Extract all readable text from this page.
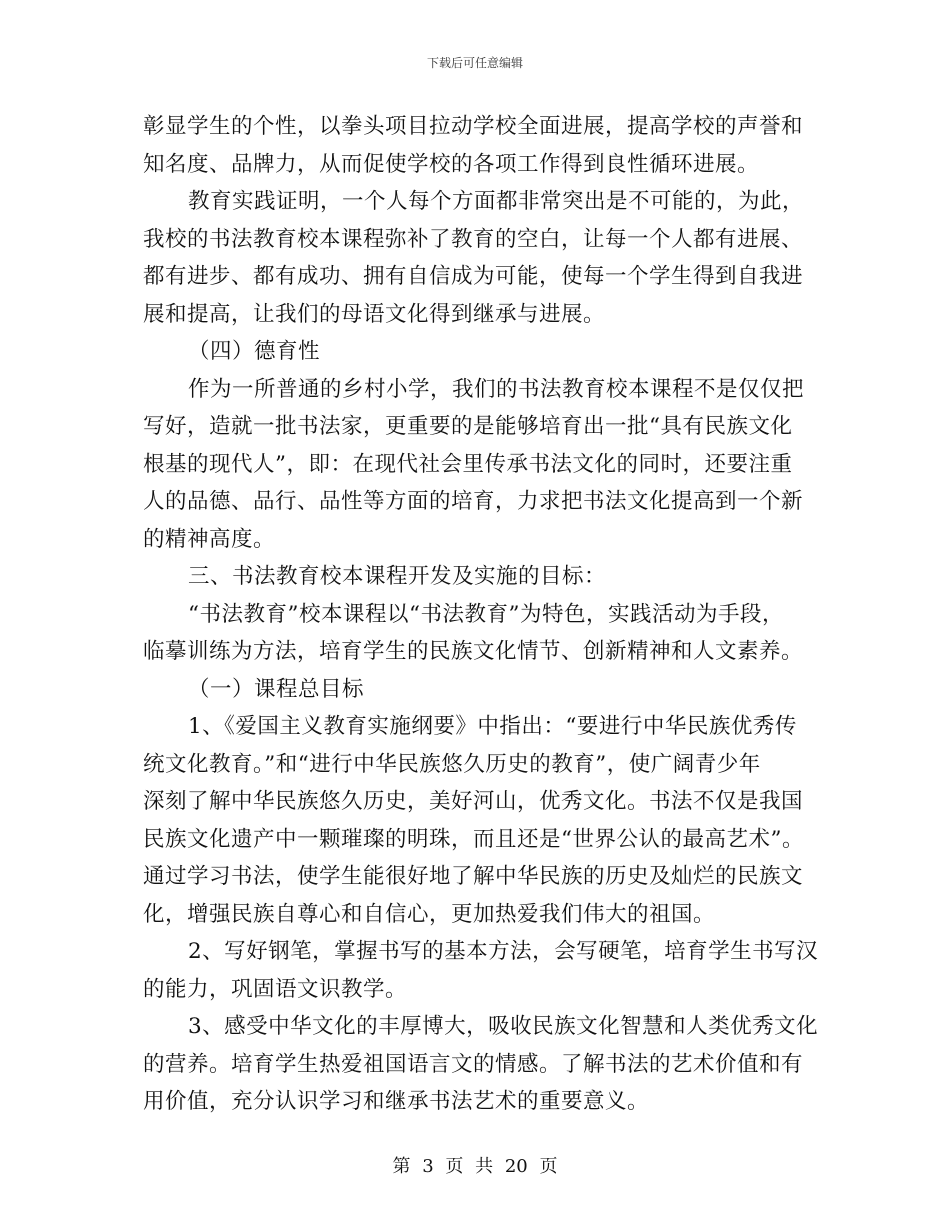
下载后可任意编辑
彰显学生的个性，以拳头项目拉动学校全面进展，提高学校的声誉和
知名度、品牌力，从而促使学校的各项工作得到良性循环进展。
教育实践证明，一个人每个方面都非常突出是不可能的，为此，
我校的书法教育校本课程弥补了教育的空白，让每一个人都有进展、
都有进步、都有成功、拥有自信成为可能，使每一个学生得到自我进
展和提高，让我们的母语文化得到继承与进展。
（四）德育性
作为一所普通的乡村小学，我们的书法教育校本课程不是仅仅把
写好，造就一批书法家，更重要的是能够培育出一批“具有民族文化
根基的现代人”，即：在现代社会里传承书法文化的同时，还要注重
人的品德、品行、品性等方面的培育，力求把书法文化提高到一个新
的精神高度。
三、书法教育校本课程开发及实施的目标：
“书法教育”校本课程以“书法教育”为特色，实践活动为手段，
临摹训练为方法，培育学生的民族文化情节、创新精神和人文素养。
（一）课程总目标
1、《爱国主义教育实施纲要》中指出：“要进行中华民族优秀传
统文化教育。”和“进行中华民族悠久历史的教育”，使广阔青少年
深刻了解中华民族悠久历史，美好河山，优秀文化。书法不仅是我国
民族文化遗产中一颗璀璨的明珠，而且还是“世界公认的最高艺术”。
通过学习书法，使学生能很好地了解中华民族的历史及灿烂的民族文
化，增强民族自尊心和自信心，更加热爱我们伟大的祖国。
2、写好钢笔，掌握书写的基本方法，会写硬笔，培育学生书写汉
的能力，巩固语文识教学。
3、感受中华文化的丰厚博大，吸收民族文化智慧和人类优秀文化
的营养。培育学生热爱祖国语言文的情感。了解书法的艺术价值和有
用价值，充分认识学习和继承书法艺术的重要意义。
第 3 页 共 20 页
